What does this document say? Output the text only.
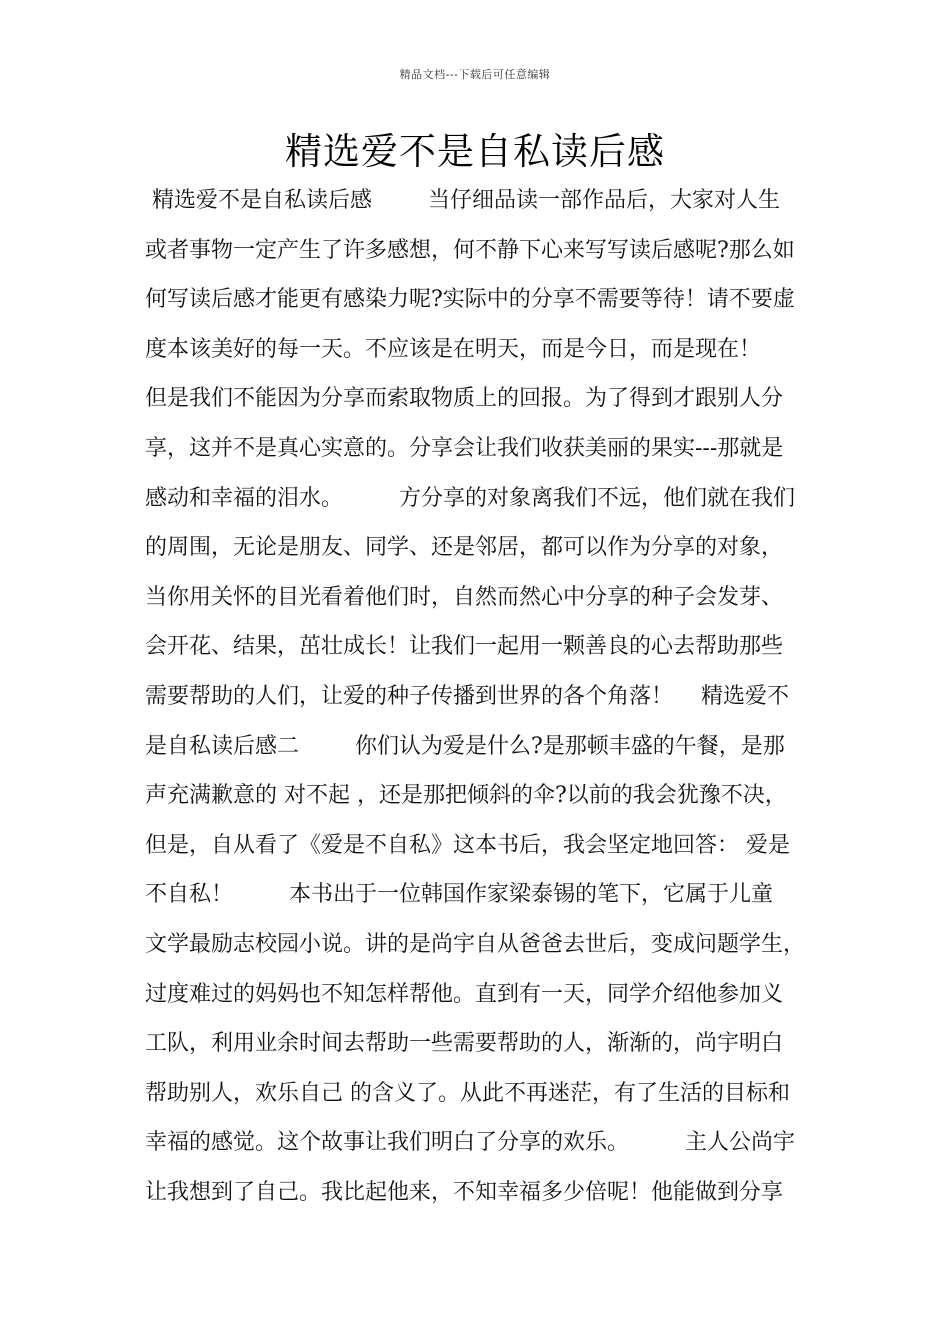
精品文档---下载后可任意编辑
精选爱不是自私读后感
精选爱不是自私读后感        当仔细品读一部作品后，大家对人生
或者事物一定产生了许多感想，何不静下心来写写读后感呢?那么如
何写读后感才能更有感染力呢?实际中的分享不需要等待！请不要虚
度本该美好的每一天。不应该是在明天，而是今日，而是现在！
但是我们不能因为分享而索取物质上的回报。为了得到才跟别人分
享，这并不是真心实意的。分享会让我们收获美丽的果实---那就是
感动和幸福的泪水。        方分享的对象离我们不远，他们就在我们
的周围，无论是朋友、同学、还是邻居，都可以作为分享的对象，
当你用关怀的目光看着他们时，自然而然心中分享的种子会发芽、
会开花、结果，茁壮成长！让我们一起用一颗善良的心去帮助那些
需要帮助的人们，让爱的种子传播到世界的各个角落！    精选爱不
是自私读后感二        你们认为爱是什么?是那顿丰盛的午餐，是那
声充满歉意的 对不起 ，还是那把倾斜的伞?以前的我会犹豫不决，
但是，自从看了《爱是不自私》这本书后，我会坚定地回答： 爱是
不自私！        本书出于一位韩国作家梁泰锡的笔下，它属于儿童
文学最励志校园小说。讲的是尚宇自从爸爸去世后，变成问题学生，
过度难过的妈妈也不知怎样帮他。直到有一天，同学介绍他参加义
工队，利用业余时间去帮助一些需要帮助的人，渐渐的，尚宇明白
帮助别人，欢乐自己 的含义了。从此不再迷茫，有了生活的目标和
幸福的感觉。这个故事让我们明白了分享的欢乐。        主人公尚宇
让我想到了自己。我比起他来，不知幸福多少倍呢！他能做到分享
